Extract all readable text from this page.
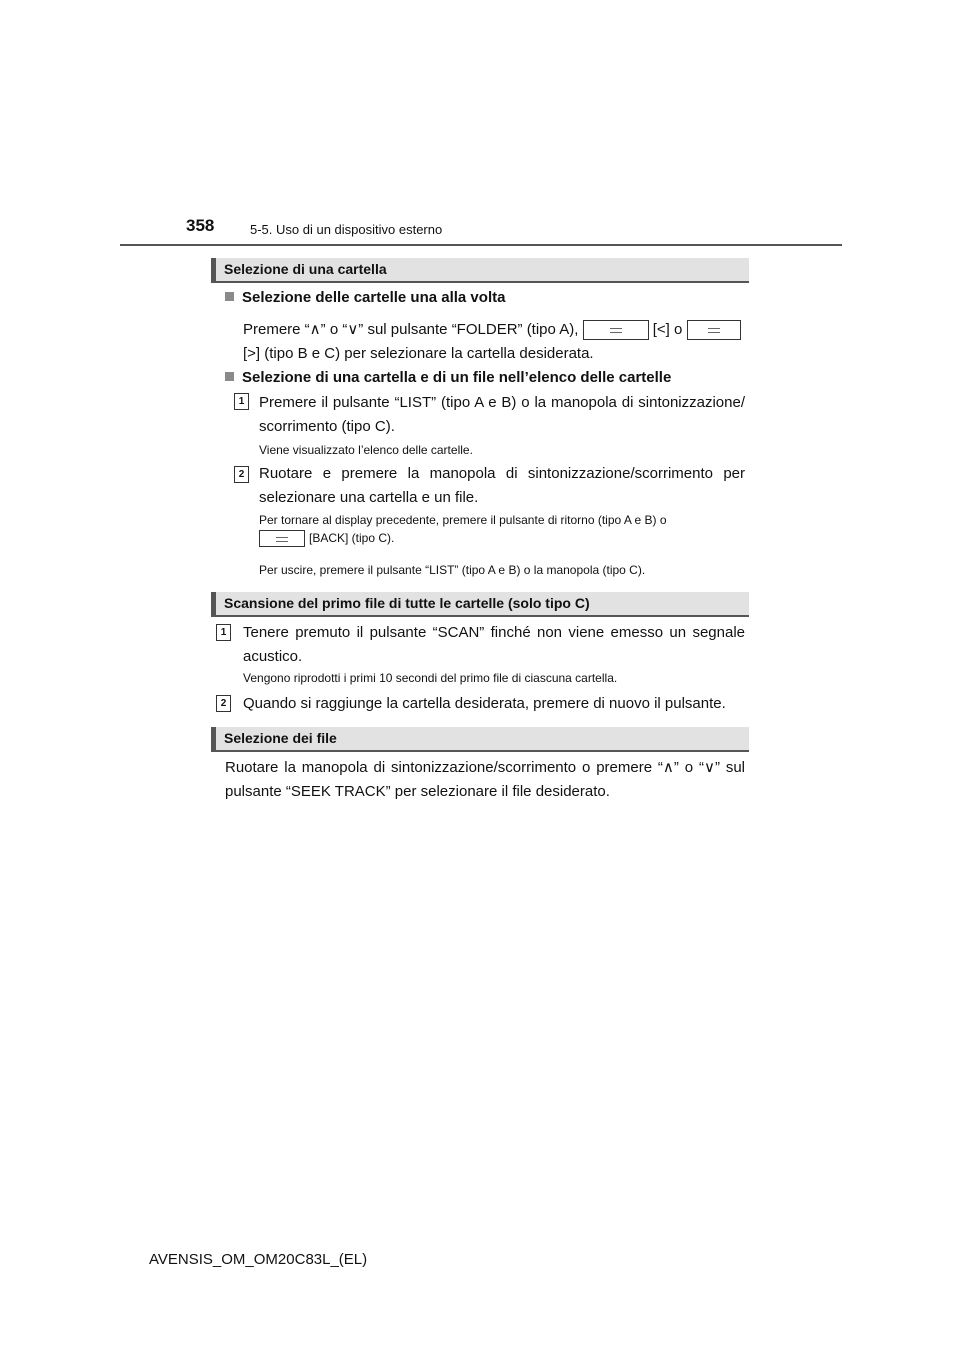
358	5-5. Uso di un dispositivo esterno
Selezione di una cartella
Selezione delle cartelle una alla volta
Premere “∧” o “∨” sul pulsante “FOLDER” (tipo A),	[<] o
[>] (tipo B e C) per selezionare la cartella desiderata.
Selezione di una cartella e di un file nell’elenco delle cartelle
1 Premere il pulsante “LIST” (tipo A e B) o la manopola di sintonizzazione/ scorrimento (tipo C).
Viene visualizzato l’elenco delle cartelle.
2 Ruotare e premere la manopola di sintonizzazione/scorrimento per selezionare una cartella e un file.
Per tornare al display precedente, premere il pulsante di ritorno (tipo A e B) o
[BACK] (tipo C).
Per uscire, premere il pulsante “LIST” (tipo A e B) o la manopola (tipo C).
Scansione del primo file di tutte le cartelle (solo tipo C)
1	Tenere premuto il pulsante “SCAN” finché non viene emesso un segnale acustico.
Vengono riprodotti i primi 10 secondi del primo file di ciascuna cartella.
2	Quando si raggiunge la cartella desiderata, premere di nuovo il pulsante.
Selezione dei file
Ruotare la manopola di sintonizzazione/scorrimento o premere “∧” o “∨” sul pulsante “SEEK TRACK” per selezionare il file desiderato.
AVENSIS_OM_OM20C83L_(EL)
